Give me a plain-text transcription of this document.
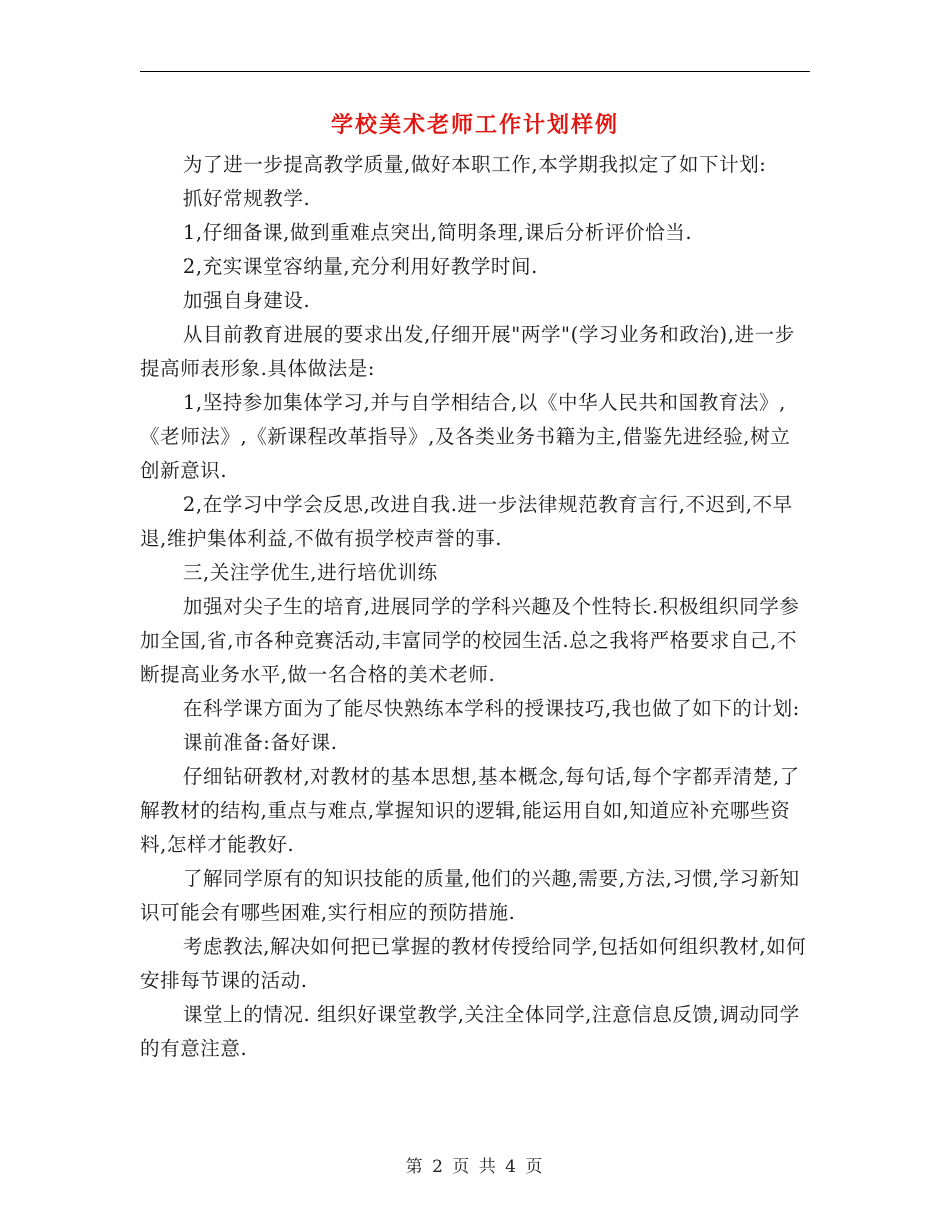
学校美术老师工作计划样例

为了进一步提高教学质量,做好本职工作,本学期我拟定了如下计划:

抓好常规教学.

1,仔细备课,做到重难点突出,简明条理,课后分析评价恰当.

2,充实课堂容纳量,充分利用好教学时间.

加强自身建设.

从目前教育进展的要求出发,仔细开展"两学"(学习业务和政治),进一步提高师表形象.具体做法是:

1,坚持参加集体学习,并与自学相结合,以《中华人民共和国教育法》,《老师法》,《新课程改革指导》,及各类业务书籍为主,借鉴先进经验,树立创新意识.

2,在学习中学会反思,改进自我.进一步法律规范教育言行,不迟到,不早退,维护集体利益,不做有损学校声誉的事.

三,关注学优生,进行培优训练

加强对尖子生的培育,进展同学的学科兴趣及个性特长.积极组织同学参加全国,省,市各种竞赛活动,丰富同学的校园生活.总之我将严格要求自己,不断提高业务水平,做一名合格的美术老师.

在科学课方面为了能尽快熟练本学科的授课技巧,我也做了如下的计划:

课前准备:备好课.

仔细钻研教材,对教材的基本思想,基本概念,每句话,每个字都弄清楚,了解教材的结构,重点与难点,掌握知识的逻辑,能运用自如,知道应补充哪些资料,怎样才能教好.

了解同学原有的知识技能的质量,他们的兴趣,需要,方法,习惯,学习新知识可能会有哪些困难,实行相应的预防措施.

考虑教法,解决如何把已掌握的教材传授给同学,包括如何组织教材,如何安排每节课的活动.

课堂上的情况. 组织好课堂教学,关注全体同学,注意信息反馈,调动同学的有意注意.

第 2 页 共 4 页
